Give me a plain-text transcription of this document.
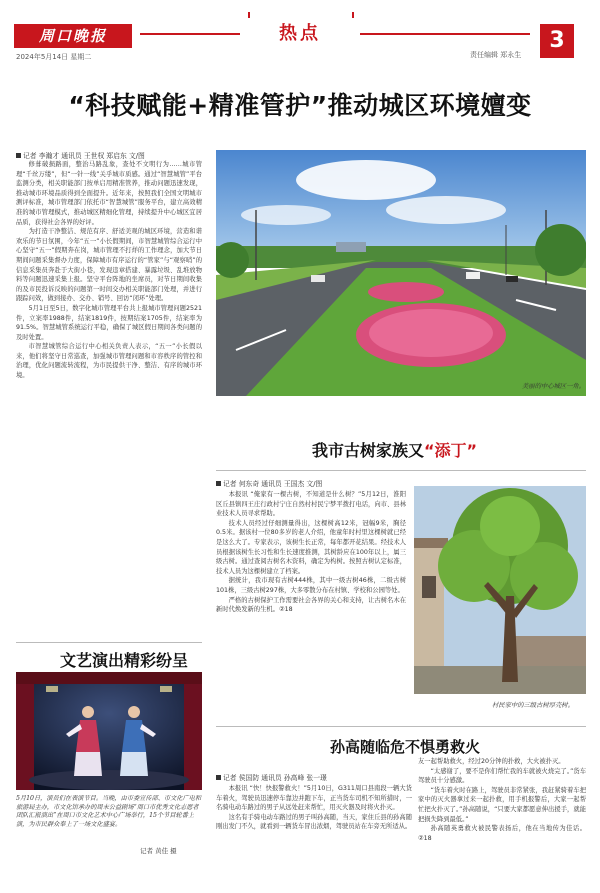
周口晚报
2024年5月14日 星期二
热点
责任编辑 郑永生
3
“科技赋能+精准管护”推动城区环境嬗变
记者 李瀚才 通讯员 王世权 郑启东 文/图

修葺破损路面，整治马路乱象，查处不文明行为……城市管理“千丝万缕”，但“一针一线”关乎城市质感。通过“智慧城管”平台监测分类，相关职能部门按单启用精准管养，推动问题迅速发现，推动城市环境品质得到全面提升。近年来，按照我们全国文明城市测评标准，城市管理部门依托市“智慧城管”服务平台，建立高效精准的城市管理模式，推动城区精细化管理，持续提升中心城区宜居品质，获得社会各界的好评。

为打造干净整洁、规范有序、舒适美观的城区环境，营造和谐欢乐的节日氛围，今年“五一”小长假期间，市智慧城管综合运行中心坚守“五一”假期奔在岗，城市管理不打烊的工作理念，加大节日期间问题采集督办力度，保障城市有序运行的“管家”与“观察哨”的信息采集员奔赴于大街小巷，发现违章搭建、暴露垃圾、乱堆放物料等问题迅速采集上报。坚守平台阵地的坐席员，对节日期间收集的及市民投诉反映的问题第一时间交办相关职能部门处理，并进行跟踪问效，做到接办、交办、销号、回访“闭环”处理。

5月1日至5日，数字化城市管理平台共上报城市管理问题2521件，立案率1988件，结案1819件，按期结案1705件，结案率为91.5%。智慧城管系统运行平稳，确保了城区假日期间各类问题的及时处置。

市智慧城管综合运行中心相关负责人表示，“五一”小长假以来，他们将坚守日常巡查，加强城市管理问题和市容秩序的管控和治理，优化问题流转流程，为市民提供干净、整洁、有序的城市环境。

文艺演出精彩纷呈
5月10日，演员们在表演节目。当晚，由市委宣传部、市文化广电和旅游局主办，市文化馆承办的周末公益剧场“周口市优秀文化志愿者团队汇报演出”在周口市文化艺术中心广场举行，15个节目轮番上演，为市民群众奉上了一场文化盛宴。
记者 黄佳 摄
美丽的中心城区一角。
我市古树家族又“添丁”
记者 何东奇 通讯员 王国杰 文/图

本报讯 “俺家有一棵古树，不知道是什么树？”5月12日，淮阳区丘县镇四王庄行政村宁庄自然村村民宁梦平拨打电话，向市、县林业技术人员寻求帮助。

技术人员经过仔细测量得出，这棵树高12米，冠幅9米，胸径0.5米。据该村一位80多岁的老人介绍，他童年时村里这棵树就已经是这么大了。专家表示，该树生长正常，每年都开花结果。经技术人员根据该树生长习性和生长速度推测，其树龄应在100年以上，属三级古树。通过查阅古树名木资料，确定为构树。按照古树认定标准，技术人员为这棵树建立了档案。

据统计，我市现有古树444株，其中一级古树46株，二级古树101株，三级古树297株，大多零散分布在村镇、学校和公园等处。

严格的古树保护工作需要社会各界的关心和支持，让古树名木在新时代焕发新的生机。②18

村民家中的三级古树厚壳树。
孙高随临危不惧勇救火
记者 侯国防 通讯员 孙高峰 张一璟

本报讯 “快！快报警救火！”5月10日，G311周口县南段一辆大货车着火，驾驶员迅速停车靠边并跑下车，正当货车司机不知所措时，一名骑电动车路过的男子从远处赶来帮忙，用灭火器及时将火扑灭。

这名有手骑电动车路过的男子叫孙高随，当天，家住丘县的孙高随刚出发门不久，就看到一辆货车冒出浓烟，驾驶员站在车旁无所适从。

友一起帮助救火，经过20分钟的扑救，大火被扑灭。

“太感谢了，要不是你们帮忙我的车就被火烧完了。”货车驾驶员十分感激。

“货车着火时在路上，驾驶员非常紧张，我赶紧骑着车把家中的灭火器拿过来一起扑救，用手机报警后，大家一起帮忙把火扑灭了。”孙高随说，“只要大家都愿意伸出援手，就能把损失降到最低。”

孙高随英勇救火被民警表扬后，他在当地传为佳话。②18
